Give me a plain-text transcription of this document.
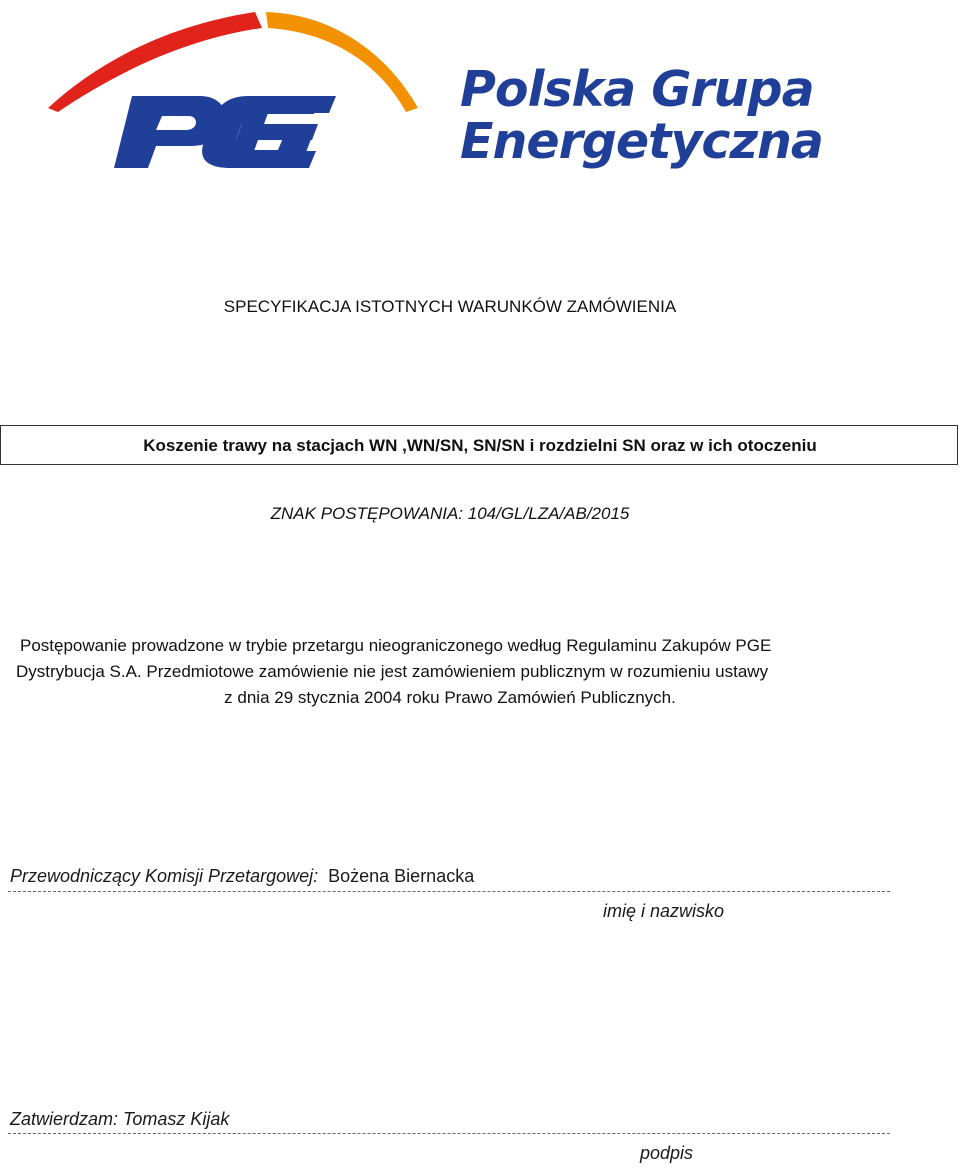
Polska Grupa
Energetyczna
SPECYFIKACJA ISTOTNYCH WARUNKÓW ZAMÓWIENIA
Koszenie trawy na stacjach WN ,WN/SN, SN/SN i rozdzielni SN oraz w ich otoczeniu
ZNAK POSTĘPOWANIA: 104/GL/LZA/AB/2015
Postępowanie prowadzone w trybie przetargu nieograniczonego według Regulaminu Zakupów PGE
Dystrybucja S.A. Przedmiotowe zamówienie nie jest zamówieniem publicznym w rozumieniu ustawy
z dnia 29 stycznia 2004 roku Prawo Zamówień Publicznych.
Przewodniczący Komisji Przetargowej: Bożena Biernacka
imię i nazwisko
Zatwierdzam: Tomasz Kijak
podpis
